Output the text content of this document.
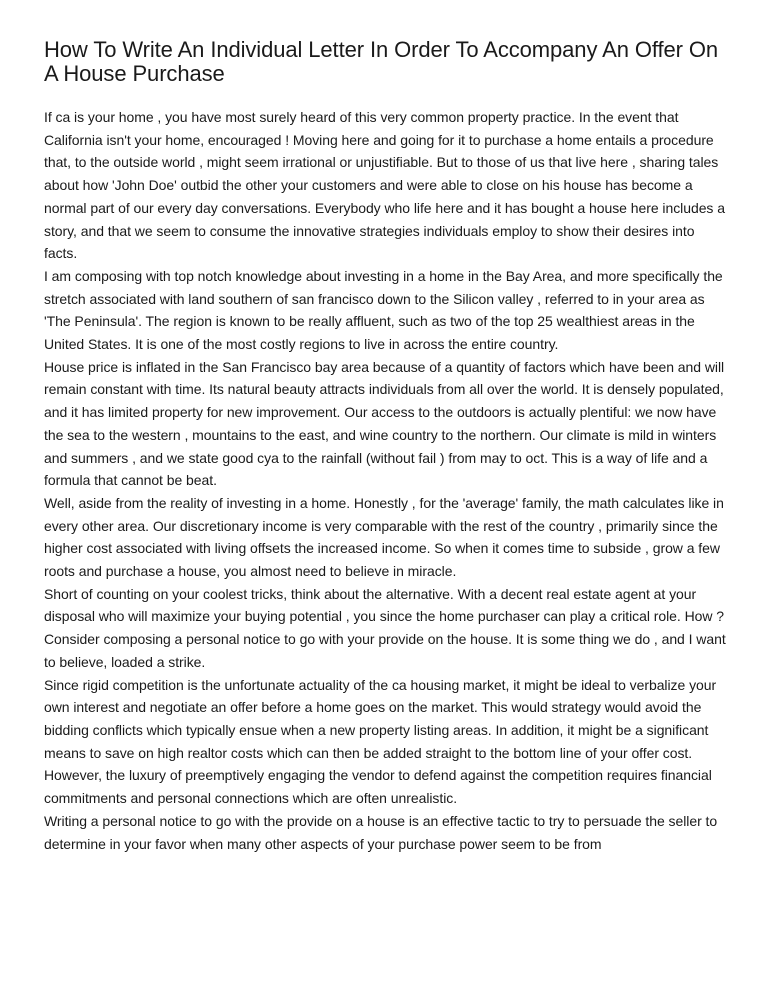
How To Write An Individual Letter In Order To Accompany An Offer On A House Purchase

If ca is your home , you have most surely heard of this very common property practice. In the event that California isn't your home, encouraged ! Moving here and going for it to purchase a home entails a procedure that, to the outside world , might seem irrational or unjustifiable. But to those of us that live here , sharing tales about how 'John Doe' outbid the other your customers and were able to close on his house has become a normal part of our every day conversations. Everybody who life here and it has bought a house here includes a story, and that we seem to consume the innovative strategies individuals employ to show their desires into facts.

I am composing with top notch knowledge about investing in a home in the Bay Area, and more specifically the stretch associated with land southern of san francisco down to the Silicon valley , referred to in your area as 'The Peninsula'. The region is known to be really affluent, such as two of the top 25 wealthiest areas in the United States. It is one of the most costly regions to live in across the entire country.

House price is inflated in the San Francisco bay area because of a quantity of factors which have been and will remain constant with time. Its natural beauty attracts individuals from all over the world. It is densely populated, and it has limited property for new improvement. Our access to the outdoors is actually plentiful: we now have the sea to the western , mountains to the east, and wine country to the northern. Our climate is mild in winters and summers , and we state good cya to the rainfall (without fail ) from may to oct. This is a way of life and a formula that cannot be beat.

Well, aside from the reality of investing in a home. Honestly , for the 'average' family, the math calculates like in every other area. Our discretionary income is very comparable with the rest of the country , primarily since the higher cost associated with living offsets the increased income. So when it comes time to subside , grow a few roots and purchase a house, you almost need to believe in miracle.

Short of counting on your coolest tricks, think about the alternative. With a decent real estate agent at your disposal who will maximize your buying potential , you since the home purchaser can play a critical role. How ? Consider composing a personal notice to go with your provide on the house. It is some thing we do , and I want to believe, loaded a strike.

Since rigid competition is the unfortunate actuality of the ca housing market, it might be ideal to verbalize your own interest and negotiate an offer before a home goes on the market. This would strategy would avoid the bidding conflicts which typically ensue when a new property listing areas. In addition, it might be a significant means to save on high realtor costs which can then be added straight to the bottom line of your offer cost. However, the luxury of preemptively engaging the vendor to defend against the competition requires financial commitments and personal connections which are often unrealistic.

Writing a personal notice to go with the provide on a house is an effective tactic to try to persuade the seller to determine in your favor when many other aspects of your purchase power seem to be from
